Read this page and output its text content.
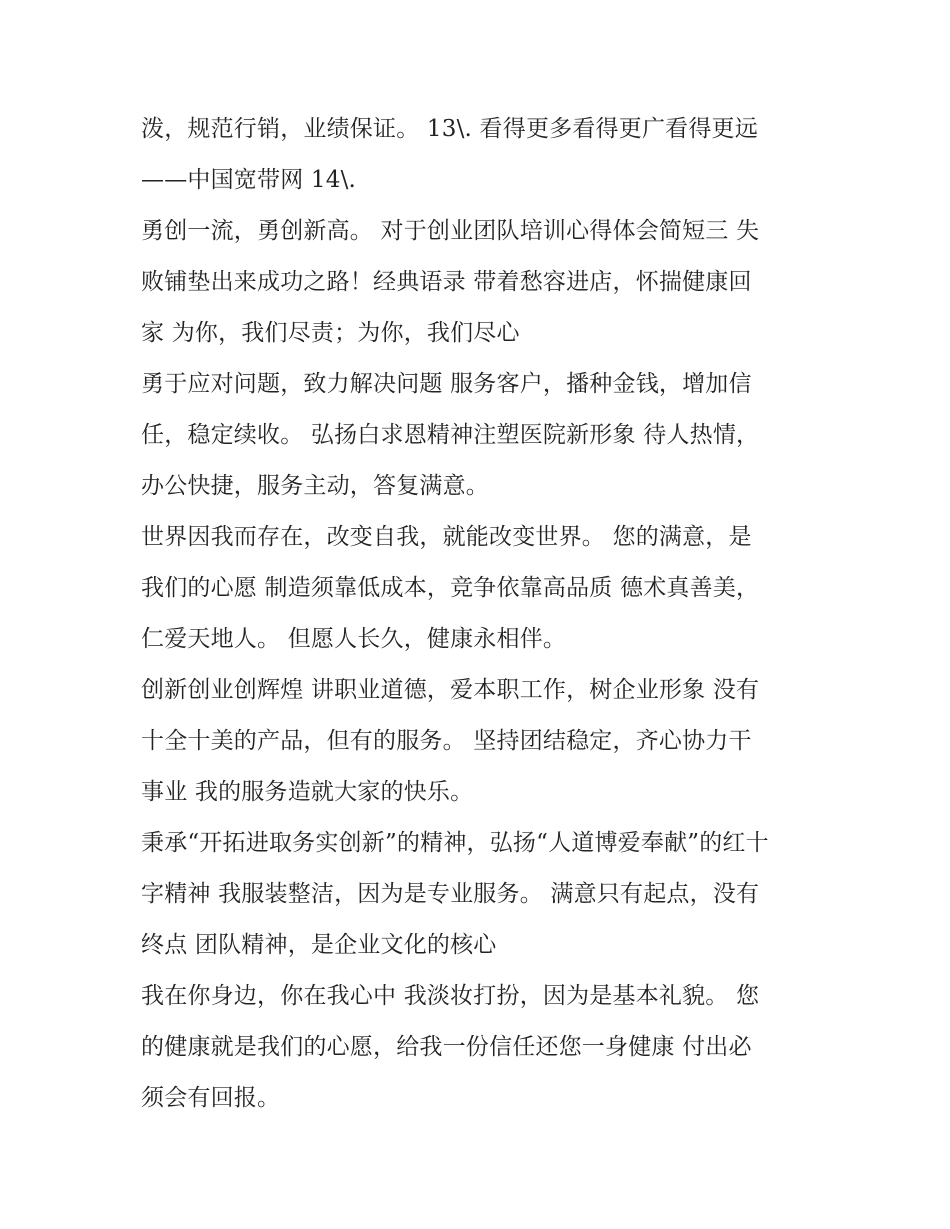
泼，规范行销，业绩保证。 13\. 看得更多看得更广看得更远
——中国宽带网 14\.
勇创一流，勇创新高。 对于创业团队培训心得体会简短三 失
败铺垫出来成功之路！经典语录 带着愁容进店，怀揣健康回
家 为你，我们尽责；为你，我们尽心
勇于应对问题，致力解决问题 服务客户，播种金钱，增加信
任，稳定续收。 弘扬白求恩精神注塑医院新形象 待人热情，
办公快捷，服务主动，答复满意。
世界因我而存在，改变自我，就能改变世界。 您的满意，是
我们的心愿 制造须靠低成本，竞争依靠高品质 德术真善美，
仁爱天地人。 但愿人长久，健康永相伴。
创新创业创辉煌 讲职业道德，爱本职工作，树企业形象 没有
十全十美的产品，但有的服务。 坚持团结稳定，齐心协力干
事业 我的服务造就大家的快乐。
秉承“开拓进取务实创新”的精神，弘扬“人道博爱奉献”的红十
字精神 我服装整洁，因为是专业服务。 满意只有起点，没有
终点 团队精神，是企业文化的核心
我在你身边，你在我心中 我淡妆打扮，因为是基本礼貌。 您
的健康就是我们的心愿，给我一份信任还您一身健康 付出必
须会有回报。
